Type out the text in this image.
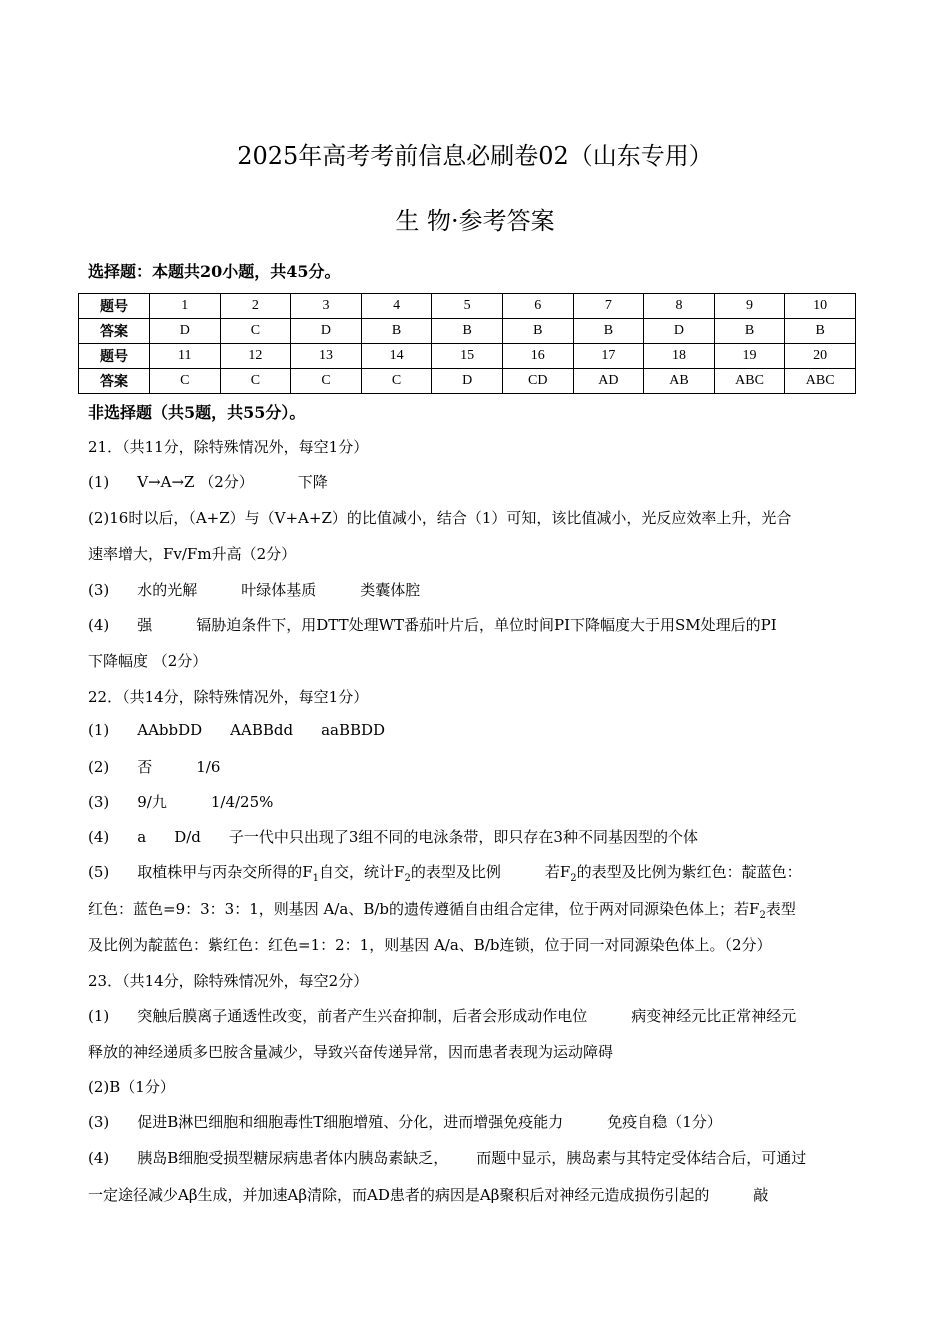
2025年高考考前信息必刷卷02（山东专用）
生 物·参考答案
选择题：本题共20小题，共45分。
题号	1	2	3	4	5	6	7	8	9	10
答案	D	C	D	B	B	B	B	D	B	B
题号	11	12	13	14	15	16	17	18	19	20
答案	C	C	C	C	D	CD	AD	AB	ABC	ABC
非选择题（共5题，共55分）。
21．（共11分，除特殊情况外，每空1分）
(1) V→A→Z （2分）	下降
(2)16时以后，（A+Z）与（V+A+Z）的比值减小，结合（1）可知，该比值减小，光反应效率上升，光合
速率增大，Fv/Fm升高（2分）
(3) 水的光解	叶绿体基质	类囊体腔
(4) 强	镉胁迫条件下，用DTT处理WT番茄叶片后，单位时间PI下降幅度大于用SM处理后的PI
下降幅度 （2分）
22．（共14分，除特殊情况外，每空1分）
(1) AAbbDD AABBdd aaBBDD
(2) 否	1/6
(3) 9/九	1/4/25%
(4) a D/d 子一代中只出现了3组不同的电泳条带，即只存在3种不同基因型的个体
(5) 取植株甲与丙杂交所得的$F_1$自交，统计$F_2$的表型及比例	若$F_2$的表型及比例为紫红色：靛蓝色：
红色：蓝色=9：3：3：1，则基因 A/a、B/b的遗传遵循自由组合定律，位于两对同源染色体上；若$F_2$表型
及比例为靛蓝色：紫红色：红色=1：2：1，则基因 A/a、B/b连锁，位于同一对同源染色体上。（2分）
23．（共14分，除特殊情况外，每空2分）
(1) 突触后膜离子通透性改变，前者产生兴奋抑制，后者会形成动作电位	病变神经元比正常神经元
释放的神经递质多巴胺含量减少，导致兴奋传递异常，因而患者表现为运动障碍
(2)B（1分）
(3) 促进B淋巴细胞和细胞毒性T细胞增殖、分化，进而增强免疫能力	免疫自稳（1分）
(4) 胰岛B细胞受损型糖尿病患者体内胰岛素缺乏， 而题中显示，胰岛素与其特定受体结合后，可通过
一定途径减少Aβ生成，并加速Aβ清除，而AD患者的病因是Aβ聚积后对神经元造成损伤引起的	敲
